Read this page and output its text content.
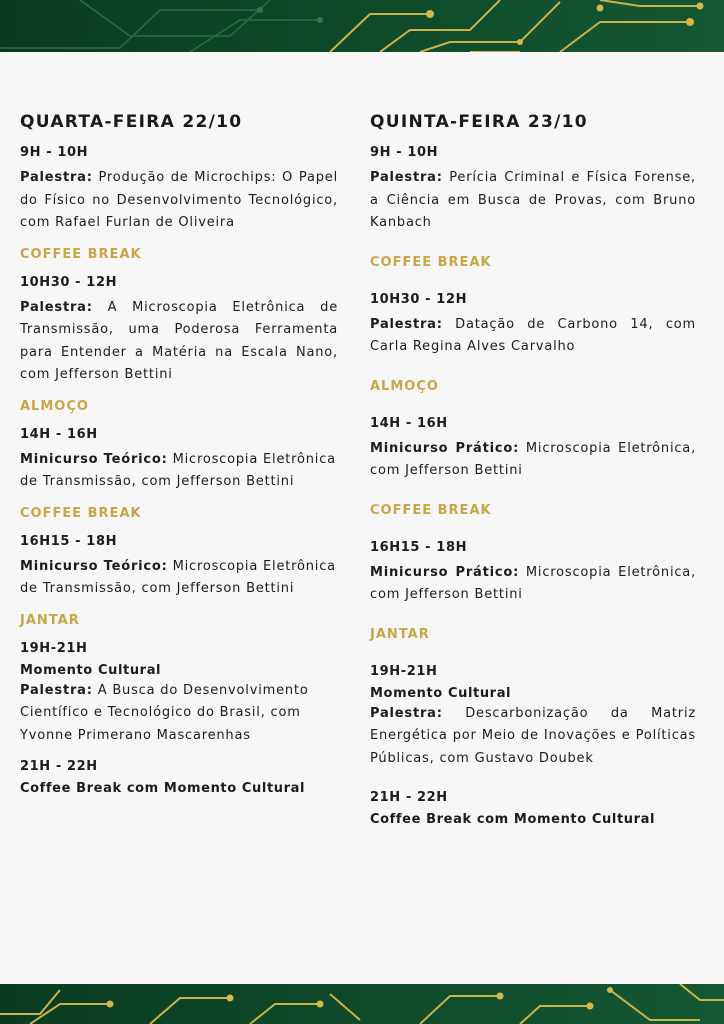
QUARTA-FEIRA 22/10
9H - 10H

Palestra: Produção de Microchips: O Papel do Físico no Desenvolvimento Tecnológico, com Rafael Furlan de Oliveira

COFFEE BREAK
10H30 - 12H

Palestra: A Microscopia Eletrônica de Transmissão, uma Poderosa Ferramenta para Entender a Matéria na Escala Nano, com Jefferson Bettini

ALMOÇO
14H - 16H

Minicurso Teórico: Microscopia Eletrônica de Transmissão, com Jefferson Bettini

COFFEE BREAK
16H15 - 18H

Minicurso Teórico: Microscopia Eletrônica de Transmissão, com Jefferson Bettini

JANTAR
19H-21H
Momento Cultural

Palestra: A Busca do Desenvolvimento Científico e Tecnológico do Brasil, com Yvonne Primerano Mascarenhas

21H - 22H
Coffee Break com Momento Cultural
QUINTA-FEIRA 23/10
9H - 10H

Palestra: Perícia Criminal e Física Forense, a Ciência em Busca de Provas, com Bruno Kanbach

COFFEE BREAK
10H30 - 12H

Palestra: Datação de Carbono 14, com Carla Regina Alves Carvalho

ALMOÇO
14H - 16H

Minicurso Prático: Microscopia Eletrônica, com Jefferson Bettini

COFFEE BREAK
16H15 - 18H

Minicurso Prático: Microscopia Eletrônica, com Jefferson Bettini

JANTAR
19H-21H
Momento Cultural

Palestra: Descarbonização da Matriz Energética por Meio de Inovações e Políticas Públicas, com Gustavo Doubek

21H - 22H
Coffee Break com Momento Cultural
